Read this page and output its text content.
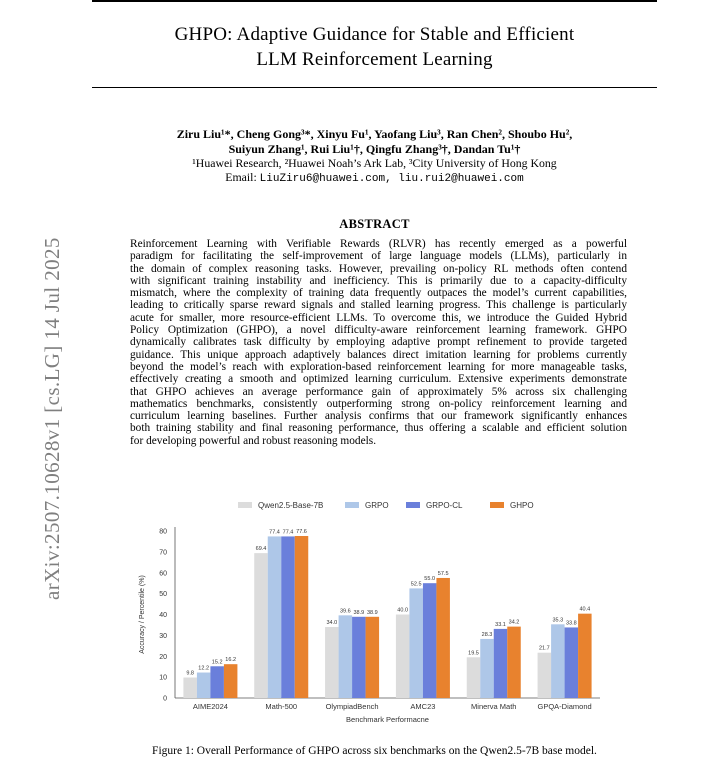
arXiv:2507.10628v1 [cs.LG] 14 Jul 2025
GHPO: Adaptive Guidance for Stable and Efficient
LLM Reinforcement Learning
Ziru Liu¹*, Cheng Gong³*, Xinyu Fu¹, Yaofang Liu³, Ran Chen², Shoubo Hu²,
Suiyun Zhang¹, Rui Liu¹†, Qingfu Zhang³†, Dandan Tu¹†
¹Huawei Research, ²Huawei Noah’s Ark Lab, ³City University of Hong Kong
Email: LiuZiru6@huawei.com, liu.rui2@huawei.com
ABSTRACT
Reinforcement Learning with Verifiable Rewards (RLVR) has recently emerged as a powerful
paradigm for facilitating the self-improvement of large language models (LLMs), particularly in
the domain of complex reasoning tasks. However, prevailing on-policy RL methods often contend
with significant training instability and inefficiency. This is primarily due to a capacity-difficulty
mismatch, where the complexity of training data frequently outpaces the model’s current capabilities,
leading to critically sparse reward signals and stalled learning progress. This challenge is particularly
acute for smaller, more resource-efficient LLMs. To overcome this, we introduce the Guided Hybrid
Policy Optimization (GHPO), a novel difficulty-aware reinforcement learning framework. GHPO
dynamically calibrates task difficulty by employing adaptive prompt refinement to provide targeted
guidance. This unique approach adaptively balances direct imitation learning for problems currently
beyond the model’s reach with exploration-based reinforcement learning for more manageable tasks,
effectively creating a smooth and optimized learning curriculum. Extensive experiments demonstrate
that GHPO achieves an average performance gain of approximately 5% across six challenging
mathematics benchmarks, consistently outperforming strong on-policy reinforcement learning and
curriculum learning baselines. Further analysis confirms that our framework significantly enhances
both training stability and final reasoning performance, thus offering a scalable and efficient solution
for developing powerful and robust reasoning models.
Qwen2.5-Base-7B	GRPO	GRPO-CL	GHPO
0
10
20
30
40
50
60
70
80
Accuracy / Percentile (%)
9.8
12.2
15.2 16.2
AIME2024
69.4
77.4 77.4 77.6
Math-500
34.0
39.6 38.9 38.9
OlympiadBench
40.0
52.5
55.0
57.5
AMC23
19.5
28.3
33.1 34.2
Minerva Math
21.7
35.3
33.8
40.4
GPQA-Diamond
Benchmark Performacne
Figure 1: Overall Performance of GHPO across six benchmarks on the Qwen2.5-7B base model.
